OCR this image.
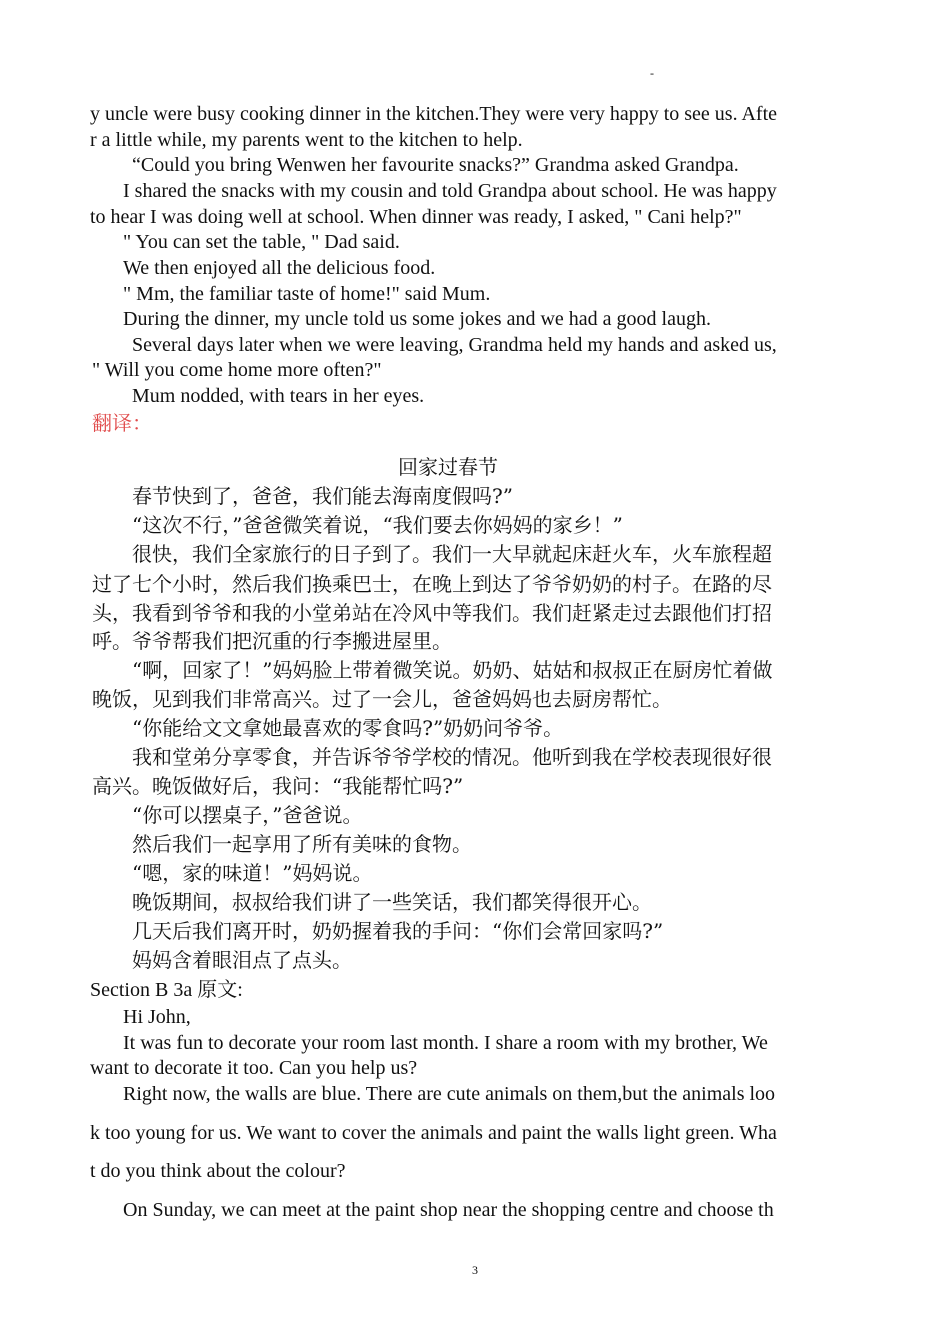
-
y uncle were busy cooking dinner in the kitchen.They were very happy to see us. Afte
r a little while, my parents went to the kitchen to help.
“Could you bring Wenwen her favourite snacks?” Grandma asked Grandpa.
I shared the snacks with my cousin and told Grandpa about school. He was happy
to hear I was doing well at school. When dinner was ready, I asked, " Cani help?"
" You can set the table, " Dad said.
We then enjoyed all the delicious food.
" Mm, the familiar taste of home!" said Mum.
During the dinner, my uncle told us some jokes and we had a good laugh.
Several days later when we were leaving, Grandma held my hands and asked us,
" Will you come home more often?"
Mum nodded, with tears in her eyes.
翻译：
回家过春节
春节快到了，爸爸，我们能去海南度假吗?”
“这次不行，”爸爸微笑着说，“我们要去你妈妈的家乡！”
很快，我们全家旅行的日子到了。我们一大早就起床赶火车，火车旅程超
过了七个小时，然后我们换乘巴士，在晚上到达了爷爷奶奶的村子。在路的尽
头，我看到爷爷和我的小堂弟站在冷风中等我们。我们赶紧走过去跟他们打招
呼。爷爷帮我们把沉重的行李搬进屋里。
“啊，回家了！”妈妈脸上带着微笑说。奶奶、姑姑和叔叔正在厨房忙着做
晚饭，见到我们非常高兴。过了一会儿，爸爸妈妈也去厨房帮忙。
“你能给文文拿她最喜欢的零食吗?”奶奶问爷爷。
我和堂弟分享零食，并告诉爷爷学校的情况。他听到我在学校表现很好很
高兴。晚饭做好后，我问：“我能帮忙吗?”
“你可以摆桌子，”爸爸说。
然后我们一起享用了所有美味的食物。
“嗯，家的味道！”妈妈说。
晚饭期间，叔叔给我们讲了一些笑话，我们都笑得很开心。
几天后我们离开时，奶奶握着我的手问：“你们会常回家吗?”
妈妈含着眼泪点了点头。
Section B 3a 原文:
Hi John,
It was fun to decorate your room last month. I share a room with my brother, We
want to decorate it too. Can you help us?
Right now, the walls are blue. There are cute animals on them,but the animals loo
k too young for us. We want to cover the animals and paint the walls light green. Wha
t do you think about the colour?
On Sunday, we can meet at the paint shop near the shopping centre and choose th
3
